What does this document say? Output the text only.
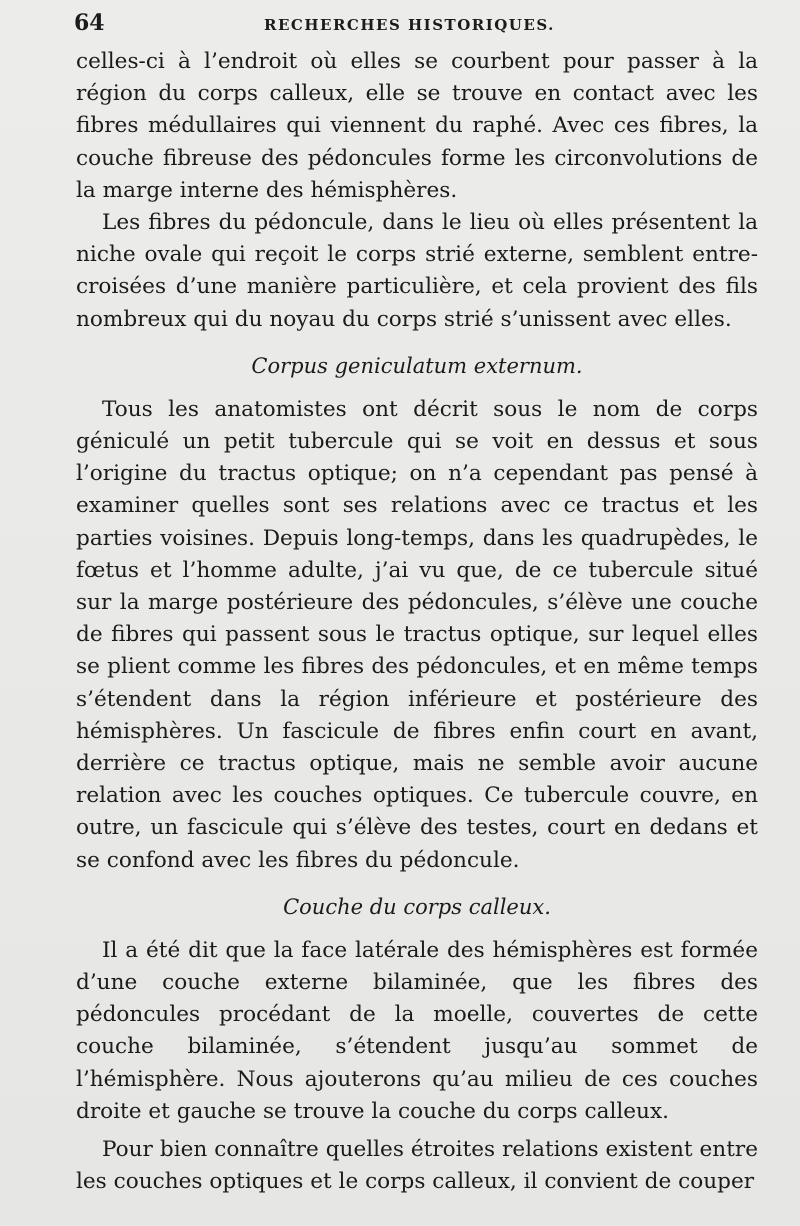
64	RECHERCHES HISTORIQUES.

celles-ci à l’endroit où elles se courbent pour passer à la région du corps calleux, elle se trouve en contact avec les fibres médullaires qui viennent du raphé. Avec ces fibres, la couche fibreuse des pédoncules forme les circonvolutions de la marge interne des hémisphères.

Les fibres du pédoncule, dans le lieu où elles présentent la niche ovale qui reçoit le corps strié externe, semblent entre-croisées d’une manière particulière, et cela provient des fils nombreux qui du noyau du corps strié s’unissent avec elles.

Corpus geniculatum externum.

Tous les anatomistes ont décrit sous le nom de corps géniculé un petit tubercule qui se voit en dessus et sous l’origine du tractus optique; on n’a cependant pas pensé à examiner quelles sont ses relations avec ce tractus et les parties voisines. Depuis long-temps, dans les quadrupèdes, le fœtus et l’homme adulte, j’ai vu que, de ce tubercule situé sur la marge postérieure des pédoncules, s’élève une couche de fibres qui passent sous le tractus optique, sur lequel elles se plient comme les fibres des pédoncules, et en même temps s’étendent dans la région inférieure et postérieure des hémisphères. Un fascicule de fibres enfin court en avant, derrière ce tractus optique, mais ne semble avoir aucune relation avec les couches optiques. Ce tubercule couvre, en outre, un fascicule qui s’élève des testes, court en dedans et se confond avec les fibres du pédoncule.

Couche du corps calleux.

Il a été dit que la face latérale des hémisphères est formée d’une couche externe bilaminée, que les fibres des pédoncules procédant de la moelle, couvertes de cette couche bilaminée, s’étendent jusqu’au sommet de l’hémisphère. Nous ajouterons qu’au milieu de ces couches droite et gauche se trouve la couche du corps calleux.

Pour bien connaître quelles étroites relations existent entre les couches optiques et le corps calleux, il convient de couper
